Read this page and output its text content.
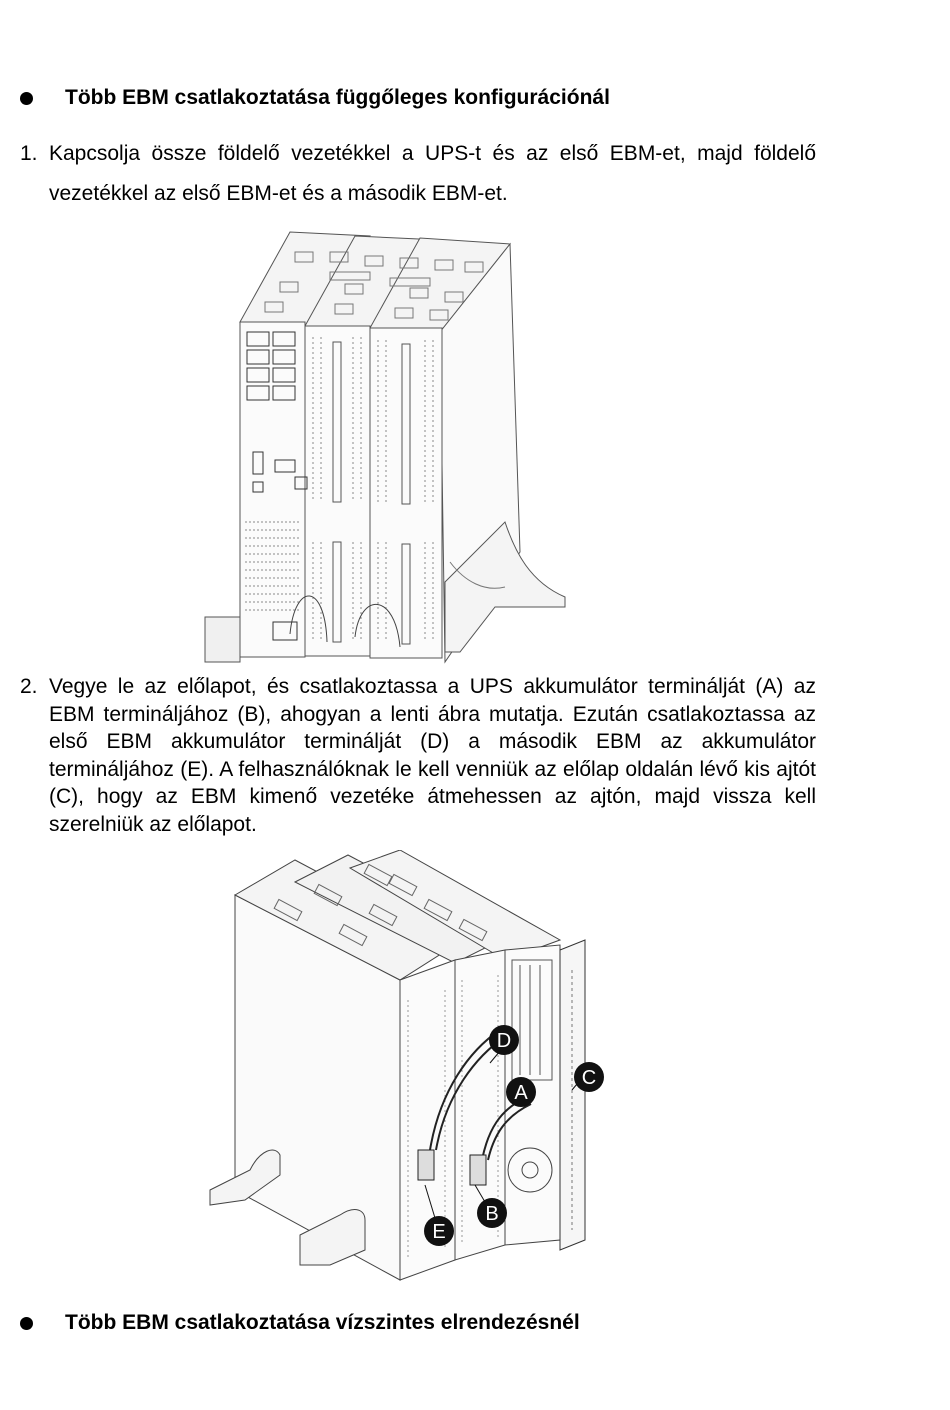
Több EBM csatlakoztatása függőleges konfigurációnál
1. Kapcsolja össze földelő vezetékkel a UPS-t és az első EBM-et, majd földelő vezetékkel az első EBM-et és a második EBM-et.
2. Vegye le az előlapot, és csatlakoztassa a UPS akkumulátor terminálját (A) az EBM termináljához (B), ahogyan a lenti ábra mutatja. Ezután csatlakoztassa az első EBM akkumulátor terminálját (D) a második EBM az akkumulátor termináljához (E). A felhasználóknak le kell venniük az előlap oldalán lévő kis ajtót (C), hogy az EBM kimenő vezetéke átmehessen az ajtón, majd vissza kell szerelniük az előlapot.
D
A
C
B
E
Több EBM csatlakoztatása vízszintes elrendezésnél
